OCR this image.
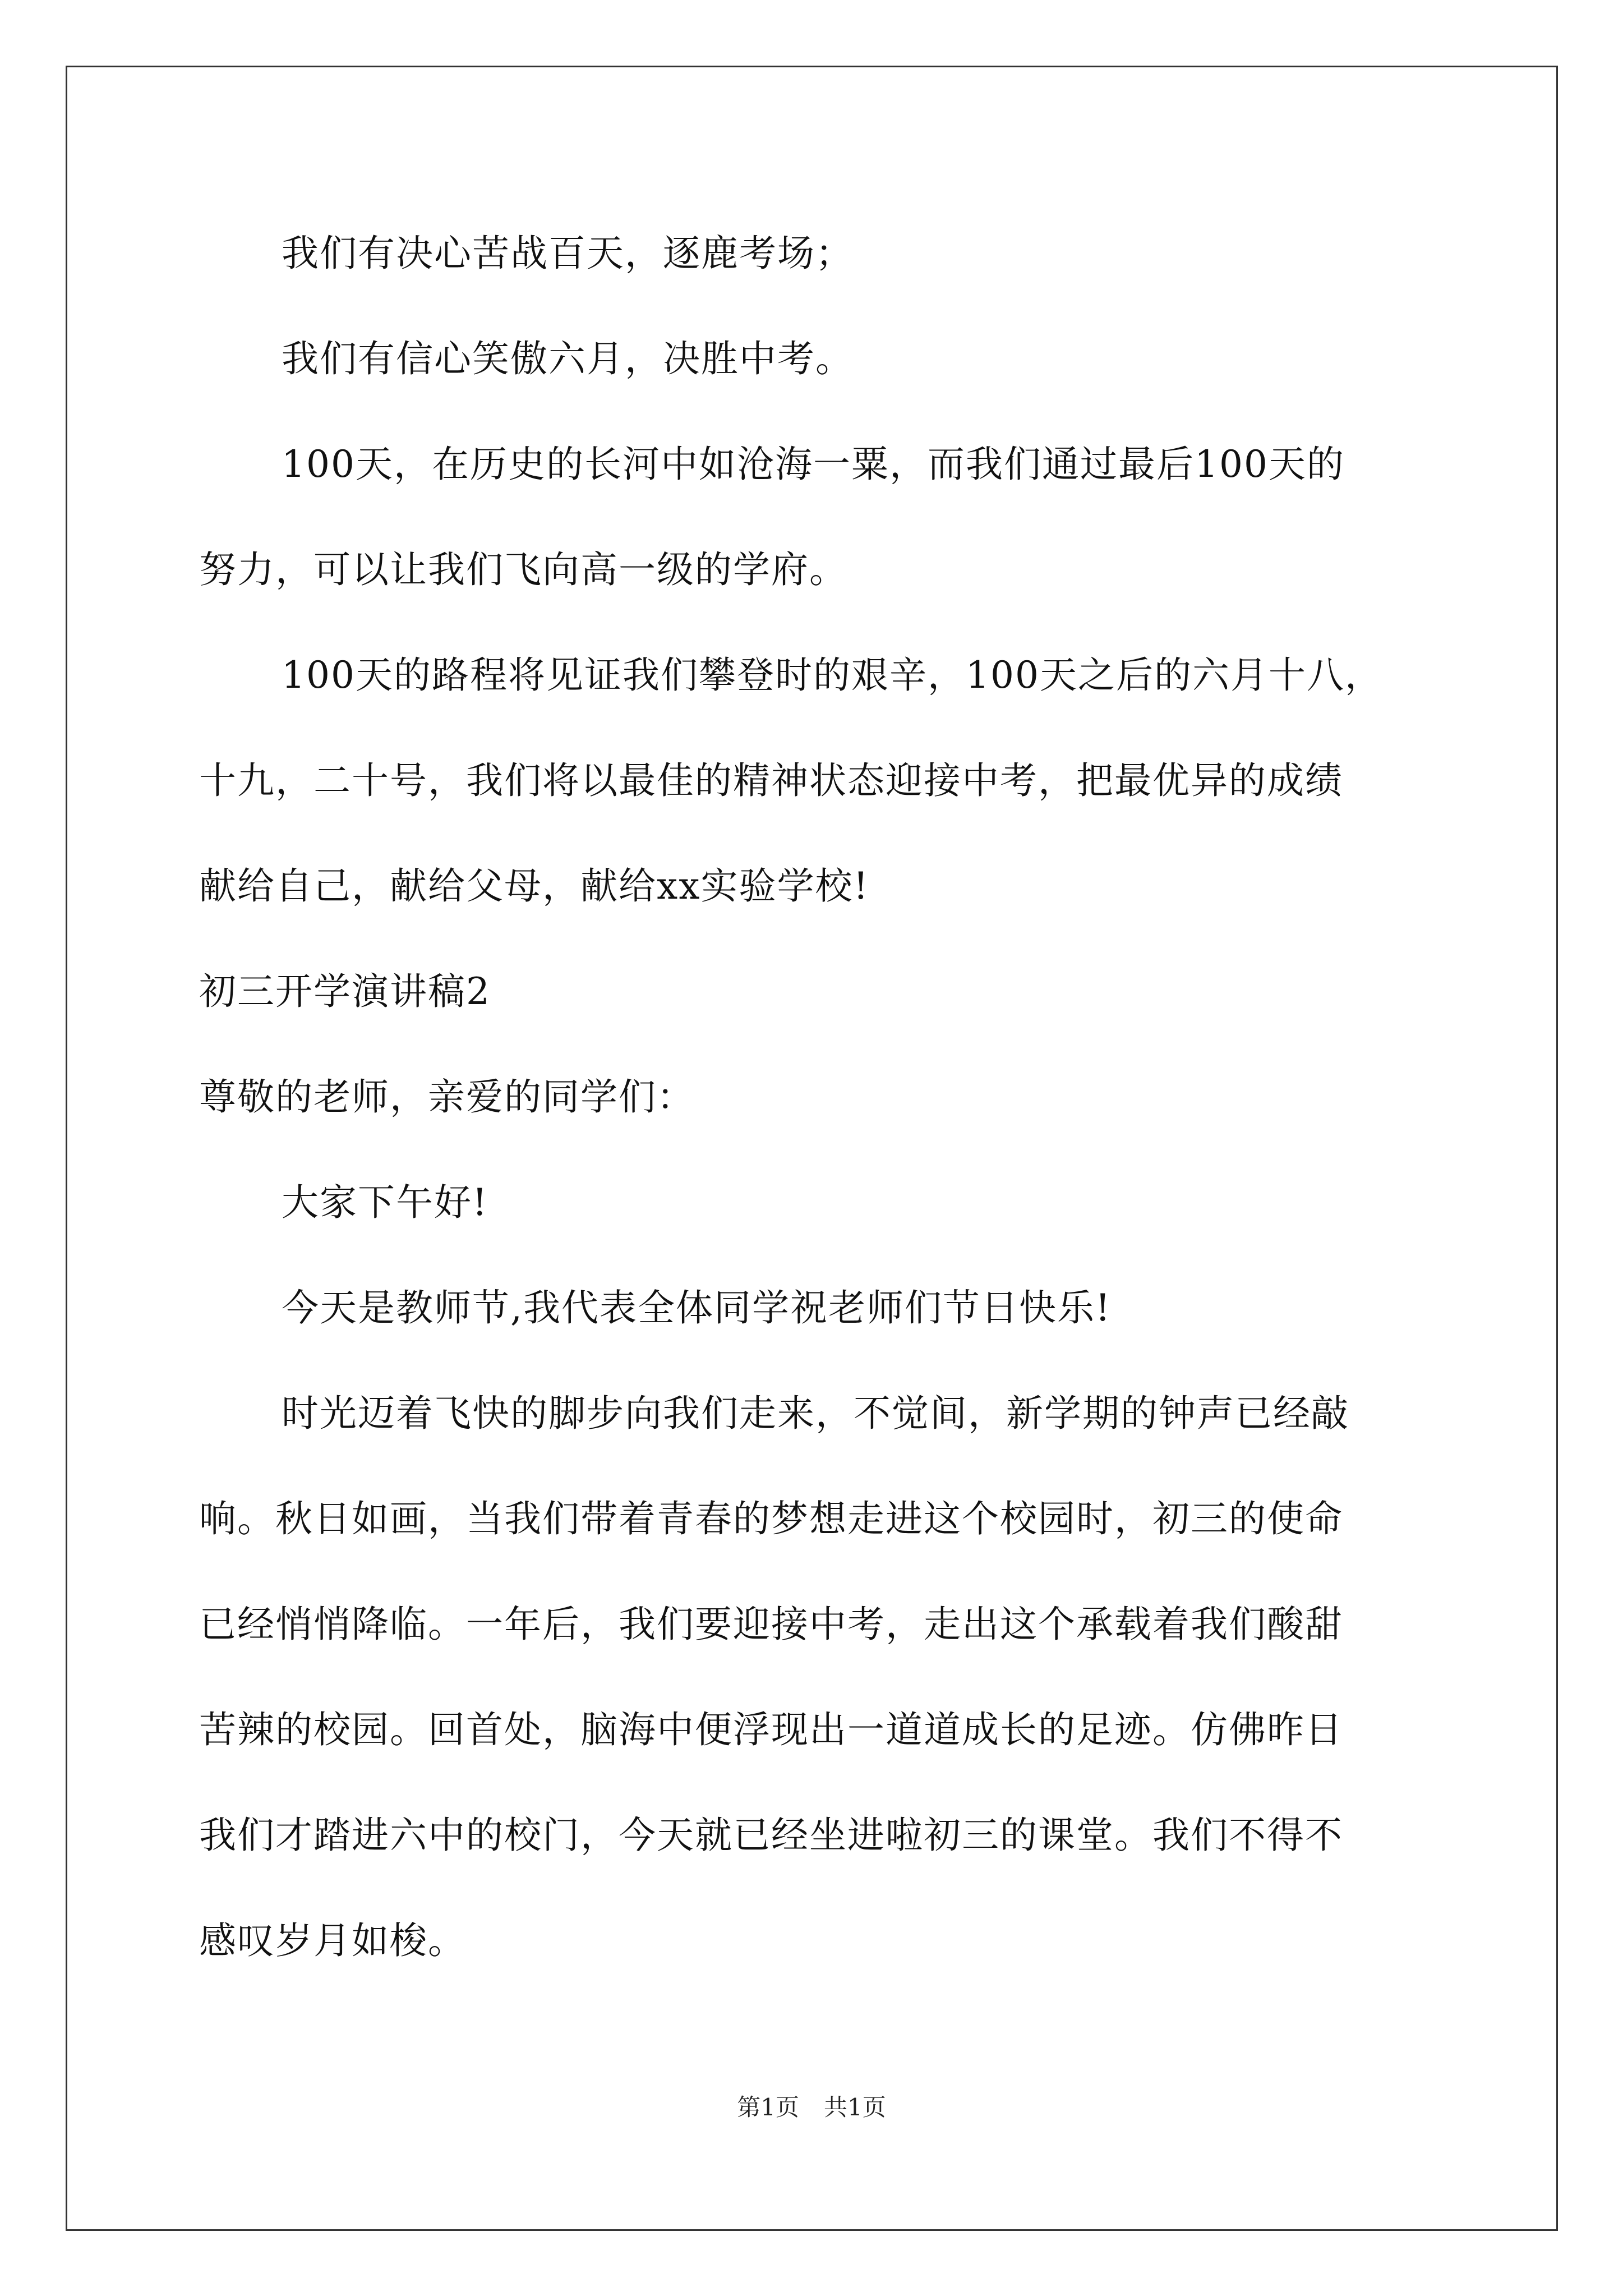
我们有决心苦战百天，逐鹿考场；
我们有信心笑傲六月，决胜中考。
100天，在历史的长河中如沧海一粟，而我们通过最后100天的
努力，可以让我们飞向高一级的学府。
100天的路程将见证我们攀登时的艰辛，100天之后的六月十八，
十九，二十号，我们将以最佳的精神状态迎接中考，把最优异的成绩
献给自己，献给父母，献给xx实验学校!
初三开学演讲稿2
尊敬的老师，亲爱的同学们：
大家下午好!
今天是教师节,我代表全体同学祝老师们节日快乐!
时光迈着飞快的脚步向我们走来，不觉间，新学期的钟声已经敲
响。秋日如画，当我们带着青春的梦想走进这个校园时，初三的使命
已经悄悄降临。一年后，我们要迎接中考，走出这个承载着我们酸甜
苦辣的校园。回首处，脑海中便浮现出一道道成长的足迹。仿佛昨日
我们才踏进六中的校门，今天就已经坐进啦初三的课堂。我们不得不
感叹岁月如梭。
第1页 共1页
